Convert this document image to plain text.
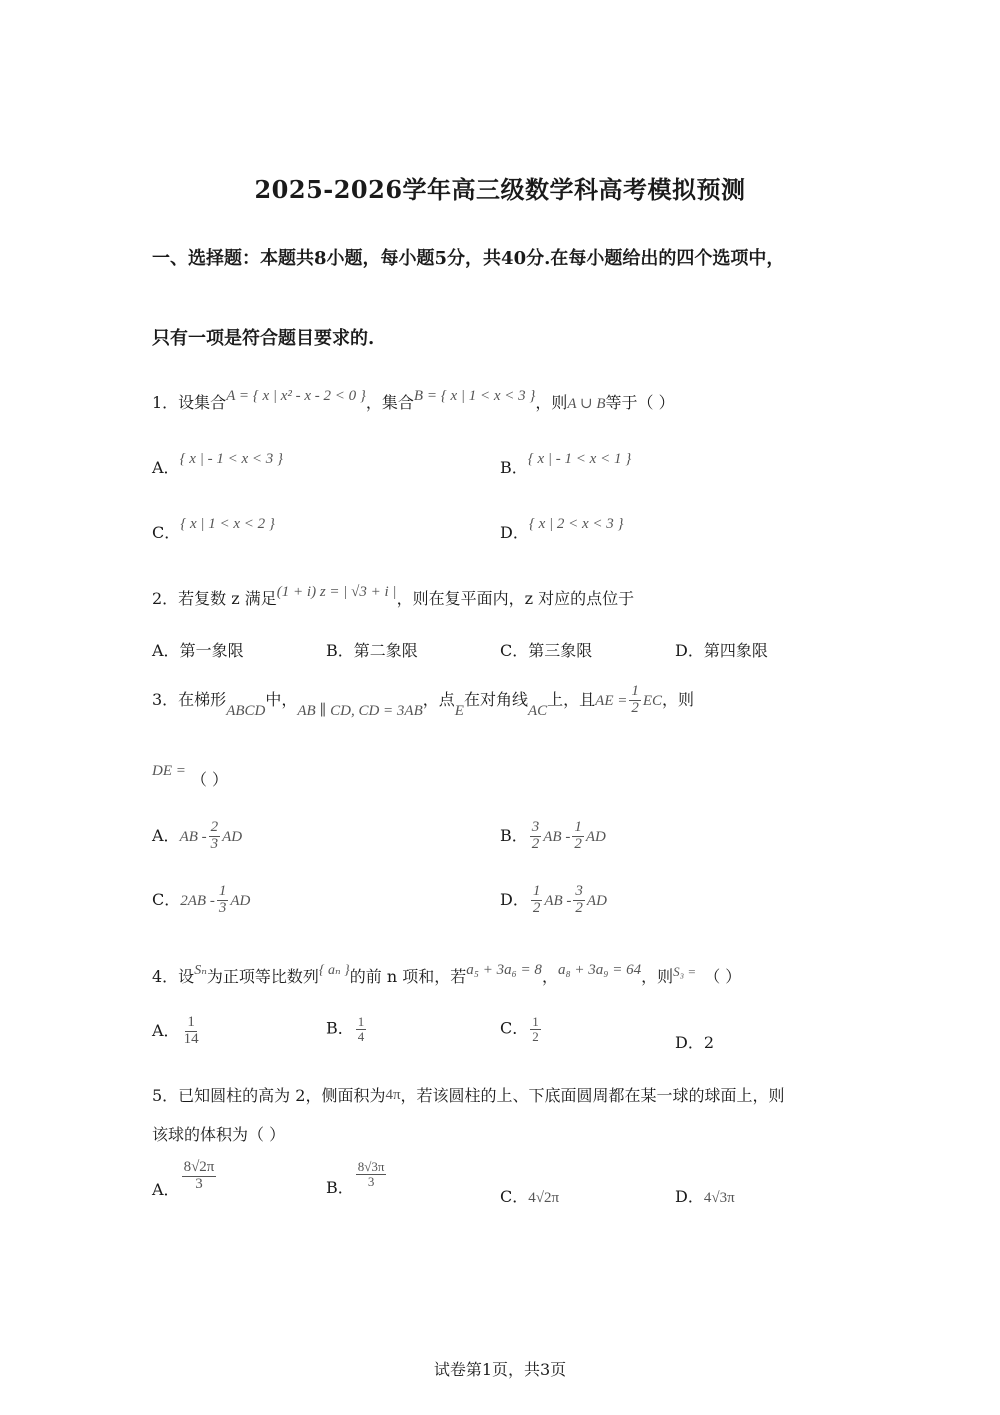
2025-2026学年高三级数学科高考模拟预测
一、选择题：本题共8小题，每小题5分，共40分.在每小题给出的四个选项中，
只有一项是符合题目要求的.
1．设集合A = { x | x² - x - 2 < 0 }，集合B = { x | 1 < x < 3 }，则A ∪ B等于（ ）
A．{ x | - 1 < x < 3 }	B．{ x | - 1 < x < 1 }
C．{ x | 1 < x < 2 }	D．{ x | 2 < x < 3 }
2．若复数 z 满足(1 + i) z = | √3 + i |，则在复平面内，z 对应的点位于
A．第一象限	B．第二象限	C．第三象限	D．第四象限
3．在梯形ABCD中，AB ∥ CD, CD = 3AB，点E在对角线AC上，且AE = $\frac{1}{2}$ EC，则
DE = （ ）
A．AB - $\frac{2}{3}$ AD	B． $\frac{3}{2}$ AB - $\frac{1}{2}$ AD
C．$2AB - \frac{1}{3}$ AD	D． $\frac{1}{2}$ AB - $\frac{3}{2}$ AD
4．设Sₙ为正项等比数列{ aₙ }的前 n 项和，若a₅ + 3a₆ = 8，a₈ + 3a₉ = 64，则$^{S_3 =}$ （ ）
A． $\frac{1}{14}$	B． $\frac{1}{4}$	C． $\frac{1}{2}$	D．2
5．已知圆柱的高为 2，侧面积为4π，若该圆柱的上、下底面圆周都在某一球的球面上，则
该球的体积为（ ）
A． $\frac{8√2\pi}{3}$	B． $\frac{8√3\pi}{3}$
C．4√2π	D．4√3π
试卷第1页，共3页
